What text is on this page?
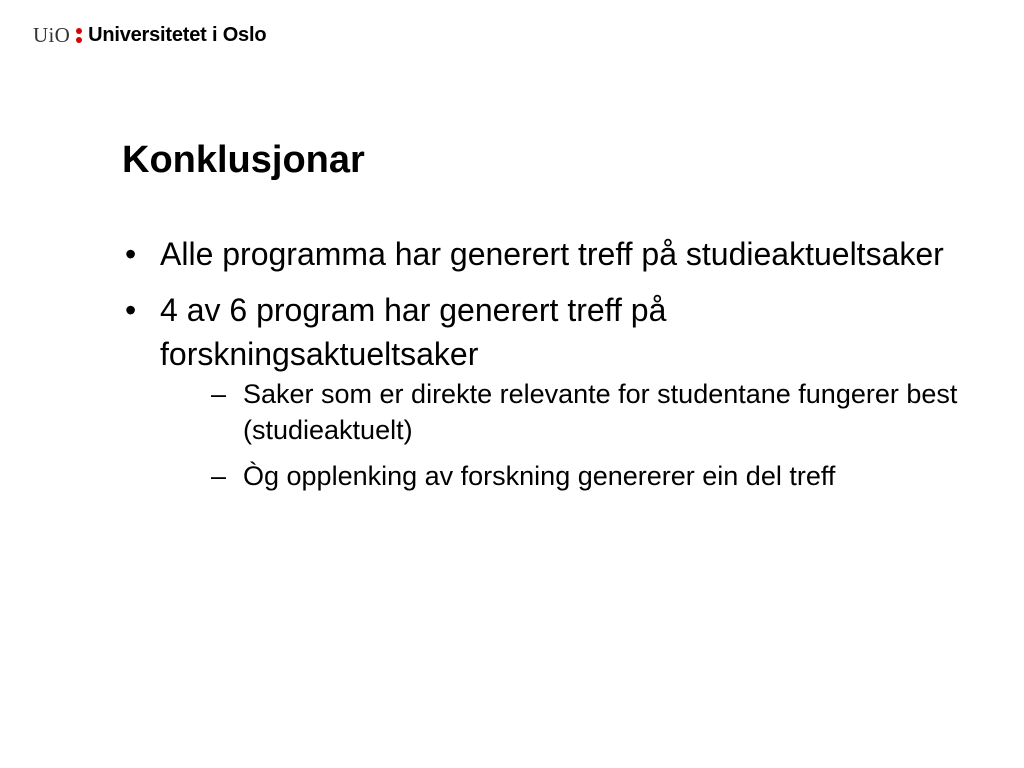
UiO Universitetet i Oslo
Konklusjonar
• Alle programma har generert treff på studieaktueltsaker
• 4 av 6 program har generert treff på forskningsaktueltsaker
– Saker som er direkte relevante for studentane fungerer best (studieaktuelt)
– Òg opplenking av forskning genererer ein del treff
